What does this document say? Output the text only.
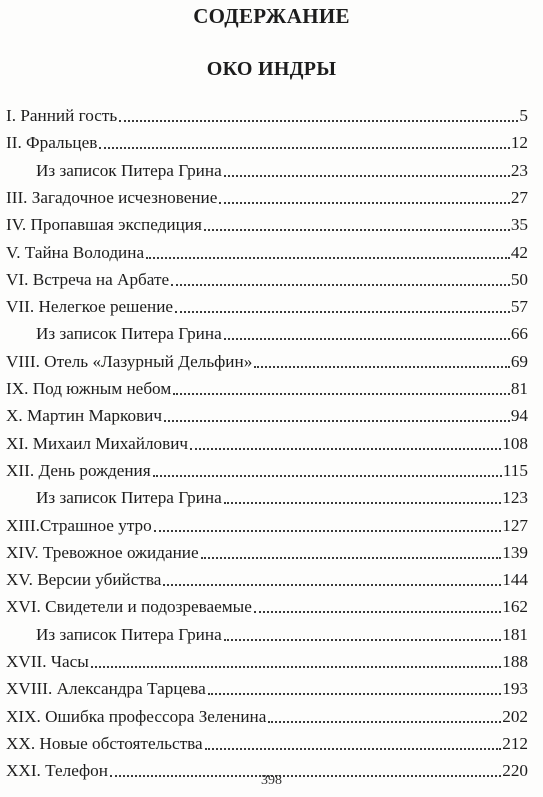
СОДЕРЖАНИЕ
ОКО ИНДРЫ
I. Ранний гость	5
II. Фральцев	12
Из записок Питера Грина	23
III. Загадочное исчезновение	27
IV. Пропавшая экспедиция	35
V. Тайна Володина	42
VI. Встреча на Арбате	50
VII. Нелегкое решение	57
Из записок Питера Грина	66
VIII. Отель «Лазурный Дельфин»	69
IX. Под южным небом	81
X. Мартин Маркович	94
XI. Михаил Михайлович	108
XII. День рождения	115
Из записок Питера Грина	123
XIII.Страшное утро	127
XIV. Тревожное ожидание	139
XV. Версии убийства	144
XVI. Свидетели и подозреваемые	162
Из записок Питера Грина	181
XVII. Часы	188
XVIII. Александра Тарцева	193
XIX. Ошибка профессора Зеленина	202
XX. Новые обстоятельства	212
XXI. Телефон	220
398
